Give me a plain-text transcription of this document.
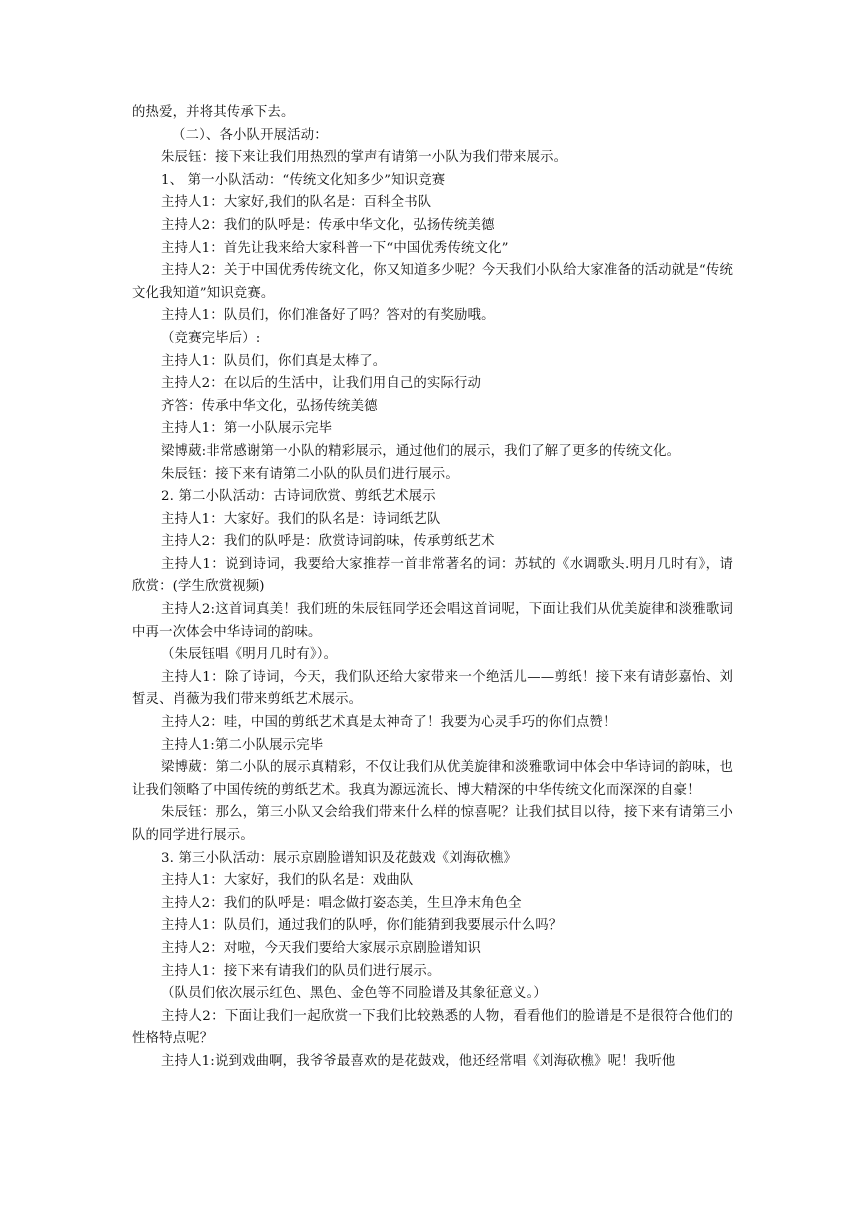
的热爱，并将其传承下去。

（二）、各小队开展活动：

朱辰钰：接下来让我们用热烈的掌声有请第一小队为我们带来展示。

1、 第一小队活动：“传统文化知多少”知识竞赛

主持人1：大家好,我们的队名是：百科全书队

主持人2：我们的队呼是：传承中华文化，弘扬传统美德

主持人1：首先让我来给大家科普一下“中国优秀传统文化”

主持人2：关于中国优秀传统文化，你又知道多少呢？今天我们小队给大家准备的活动就是“传统文化我知道”知识竞赛。

主持人1：队员们，你们准备好了吗？答对的有奖励哦。

（竞赛完毕后）:

主持人1：队员们，你们真是太棒了。

主持人2：在以后的生活中，让我们用自己的实际行动

齐答：传承中华文化，弘扬传统美德

主持人1：第一小队展示完毕

梁博葳:非常感谢第一小队的精彩展示，通过他们的展示，我们了解了更多的传统文化。

朱辰钰：接下来有请第二小队的队员们进行展示。

2. 第二小队活动：古诗词欣赏、剪纸艺术展示

主持人1：大家好。我们的队名是：诗词纸艺队

主持人2：我们的队呼是：欣赏诗词韵味，传承剪纸艺术

主持人1：说到诗词，我要给大家推荐一首非常著名的词：苏轼的《水调歌头.明月几时有》，请欣赏：(学生欣赏视频)

主持人2:这首词真美！我们班的朱辰钰同学还会唱这首词呢，下面让我们从优美旋律和淡雅歌词中再一次体会中华诗词的韵味。

（朱辰钰唱《明月几时有》）。

主持人1：除了诗词，今天，我们队还给大家带来一个绝活儿——剪纸！接下来有请彭嘉怡、刘皙灵、肖薇为我们带来剪纸艺术展示。

主持人2：哇，中国的剪纸艺术真是太神奇了！我要为心灵手巧的你们点赞！

主持人1:第二小队展示完毕

梁博葳：第二小队的展示真精彩，不仅让我们从优美旋律和淡雅歌词中体会中华诗词的韵味，也让我们领略了中国传统的剪纸艺术。我真为源远流长、博大精深的中华传统文化而深深的自豪！

朱辰钰：那么，第三小队又会给我们带来什么样的惊喜呢？让我们拭目以待，接下来有请第三小队的同学进行展示。

3. 第三小队活动：展示京剧脸谱知识及花鼓戏《刘海砍樵》

主持人1：大家好，我们的队名是：戏曲队

主持人2：我们的队呼是：唱念做打姿态美，生旦净末角色全

主持人1：队员们，通过我们的队呼，你们能猜到我要展示什么吗？

主持人2：对啦，今天我们要给大家展示京剧脸谱知识

主持人1：接下来有请我们的队员们进行展示。

（队员们依次展示红色、黑色、金色等不同脸谱及其象征意义。）

主持人2：下面让我们一起欣赏一下我们比较熟悉的人物，看看他们的脸谱是不是很符合他们的性格特点呢？

主持人1:说到戏曲啊，我爷爷最喜欢的是花鼓戏，他还经常唱《刘海砍樵》呢！我听他
